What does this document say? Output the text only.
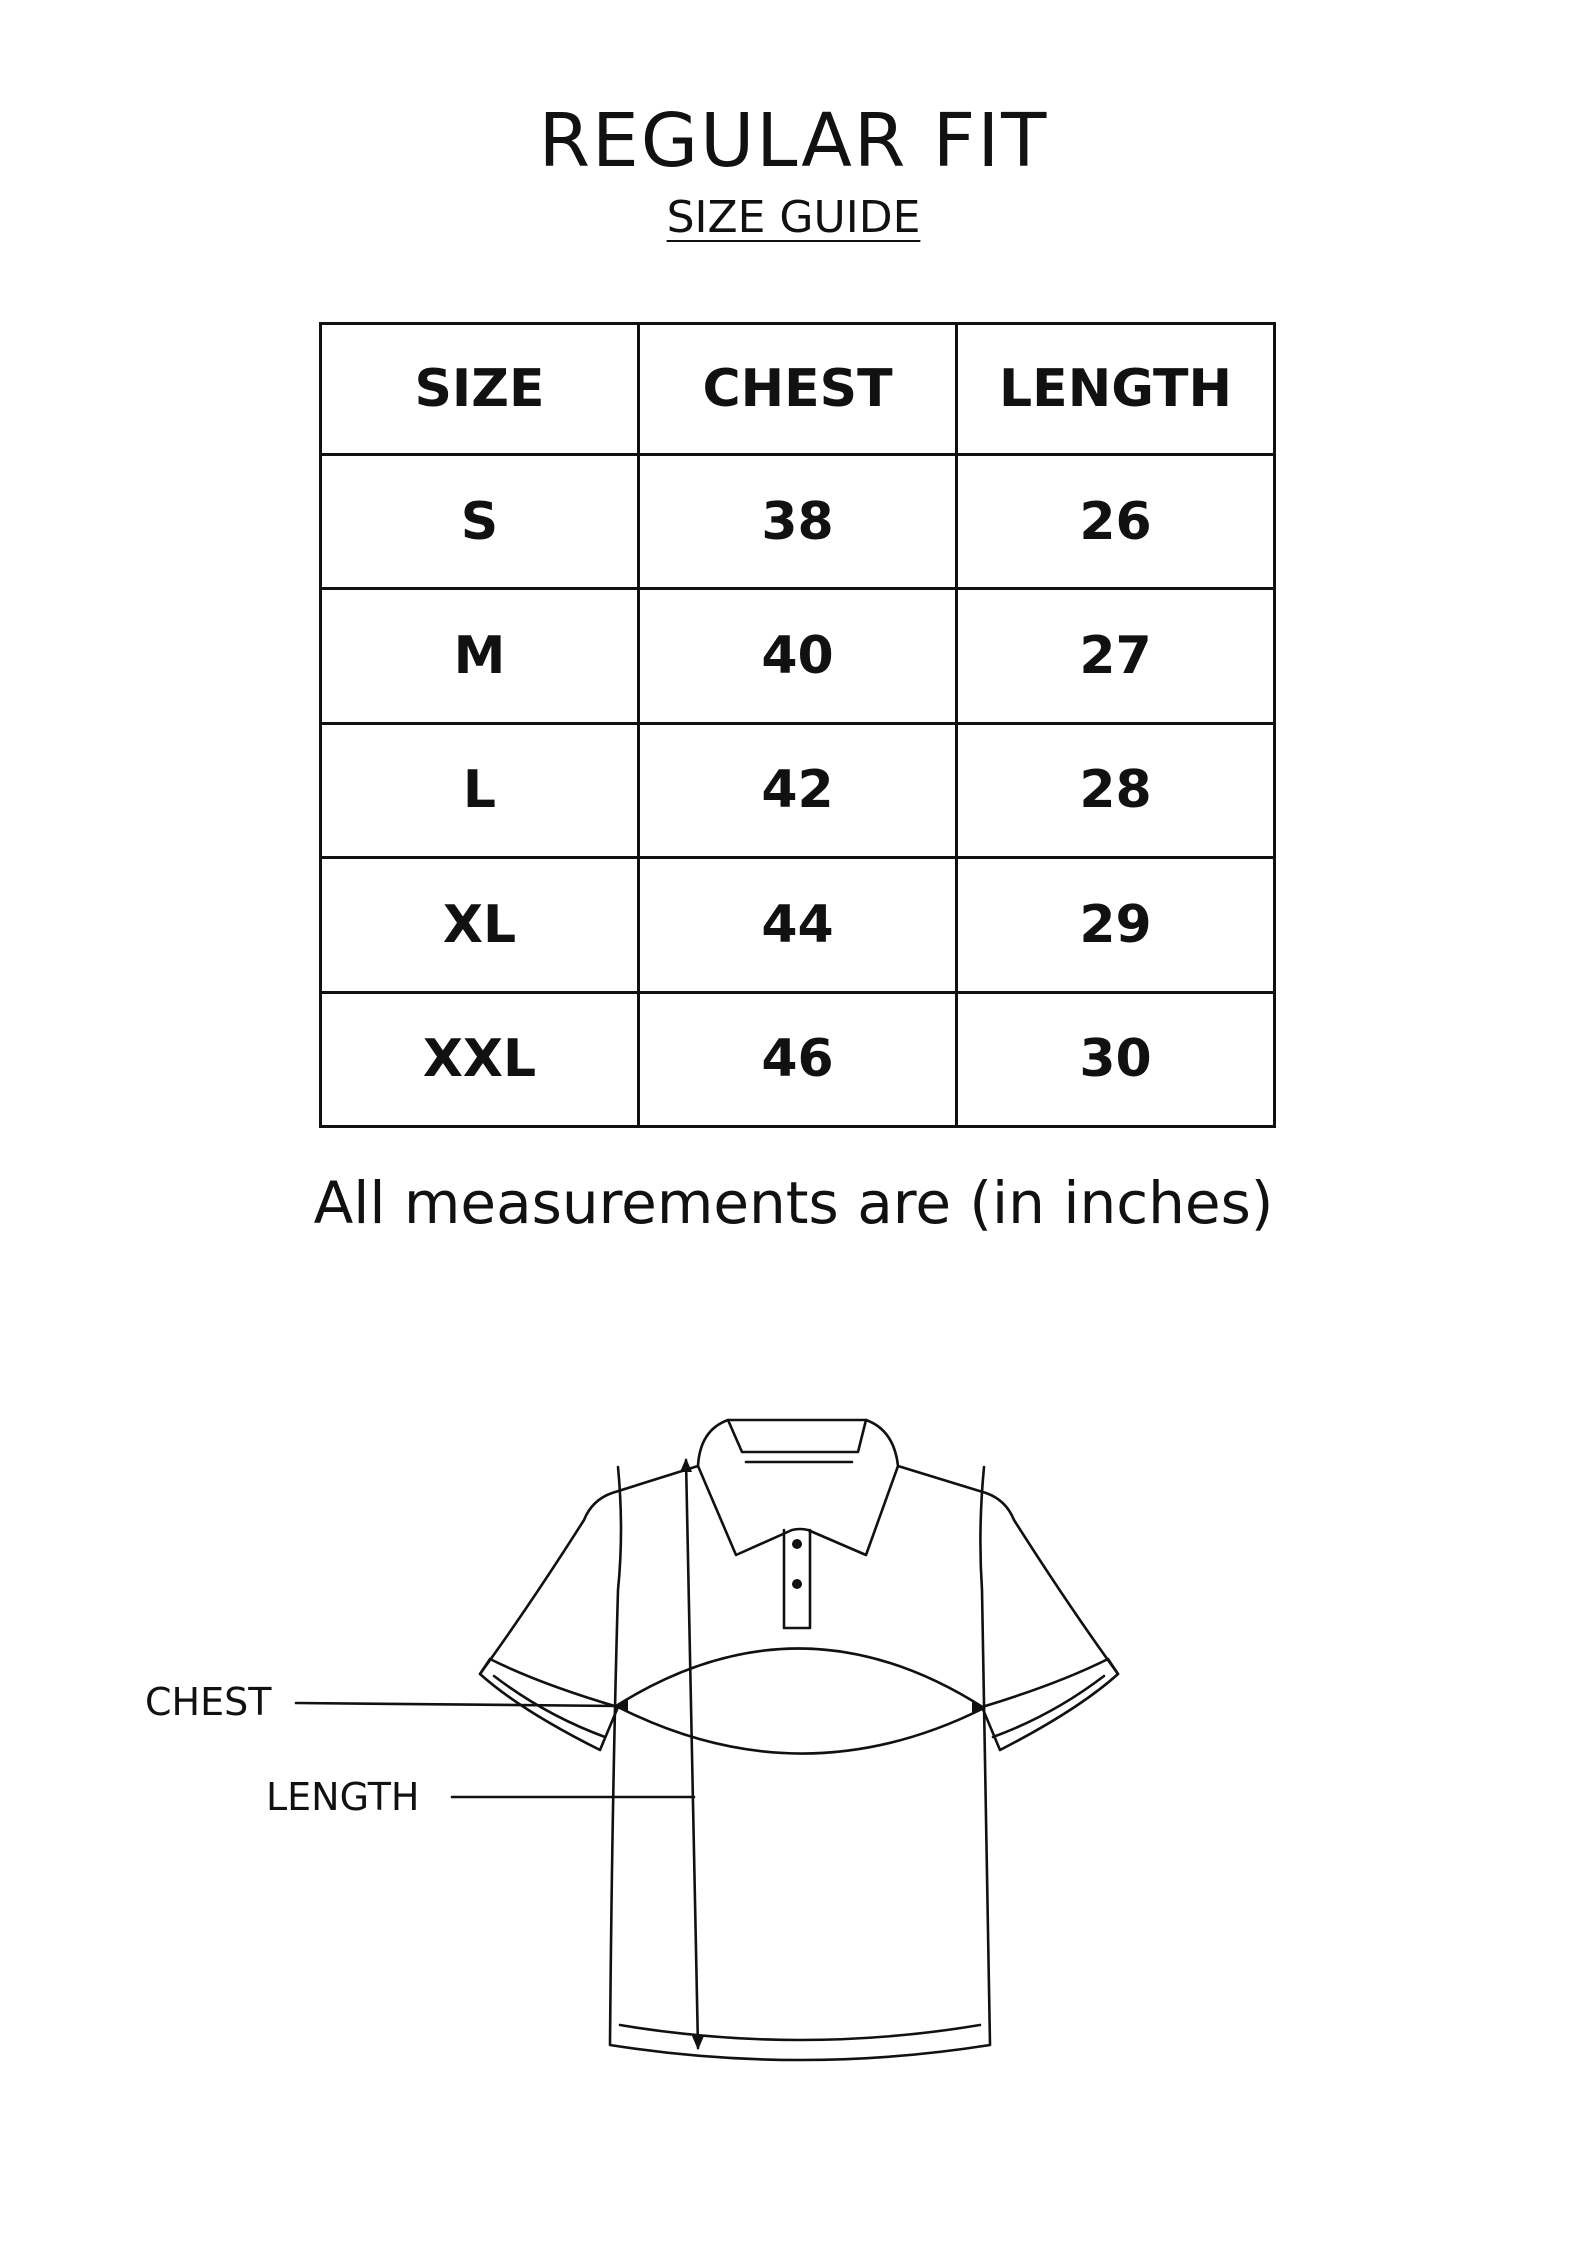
REGULAR FIT
SIZE GUIDE
SIZE	CHEST	LENGTH
S	38	26
M	40	27
L	42	28
XL	44	29
XXL	46	30
All measurements are (in inches)
CHEST
LENGTH
